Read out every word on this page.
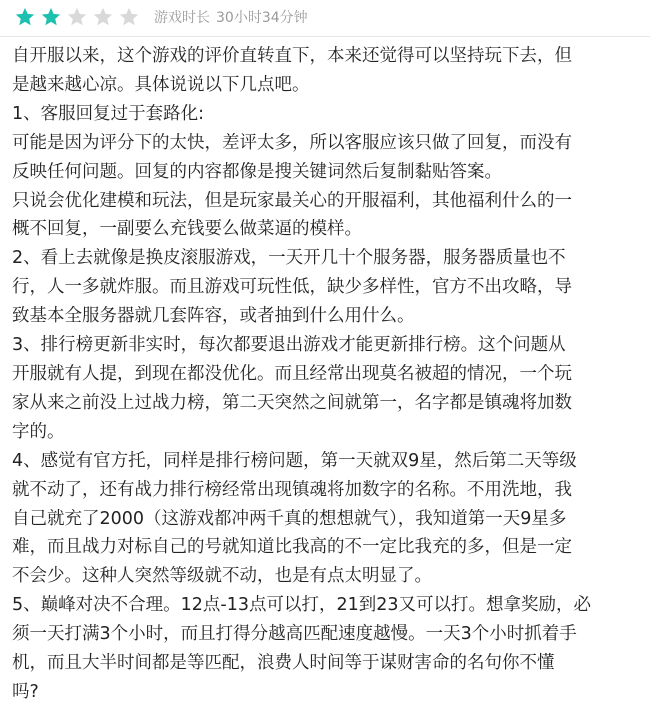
游戏时长 30小时34分钟

自开服以来，这个游戏的评价直转直下，本来还觉得可以坚持玩下去，但

是越来越心凉。具体说说以下几点吧。

1、客服回复过于套路化:

可能是因为评分下的太快，差评太多，所以客服应该只做了回复，而没有

反映任何问题。回复的内容都像是搜关键词然后复制黏贴答案。

只说会优化建模和玩法，但是玩家最关心的开服福利，其他福利什么的一

概不回复，一副要么充钱要么做菜逼的模样。

2、看上去就像是换皮滚服游戏，一天开几十个服务器，服务器质量也不

行，人一多就炸服。而且游戏可玩性低，缺少多样性，官方不出攻略，导

致基本全服务器就几套阵容，或者抽到什么用什么。

3、排行榜更新非实时，每次都要退出游戏才能更新排行榜。这个问题从

开服就有人提，到现在都没优化。而且经常出现莫名被超的情况，一个玩

家从来之前没上过战力榜，第二天突然之间就第一，名字都是镇魂将加数

字的。

4、感觉有官方托，同样是排行榜问题，第一天就双9星，然后第二天等级

就不动了，还有战力排行榜经常出现镇魂将加数字的名称。不用洗地，我

自己就充了2000（这游戏都冲两千真的想想就气），我知道第一天9星多

难，而且战力对标自己的号就知道比我高的不一定比我充的多，但是一定

不会少。这种人突然等级就不动，也是有点太明显了。

5、巅峰对决不合理。12点-13点可以打，21到23又可以打。想拿奖励，必

须一天打满3个小时，而且打得分越高匹配速度越慢。一天3个小时抓着手

机，而且大半时间都是等匹配，浪费人时间等于谋财害命的名句你不懂

吗?
